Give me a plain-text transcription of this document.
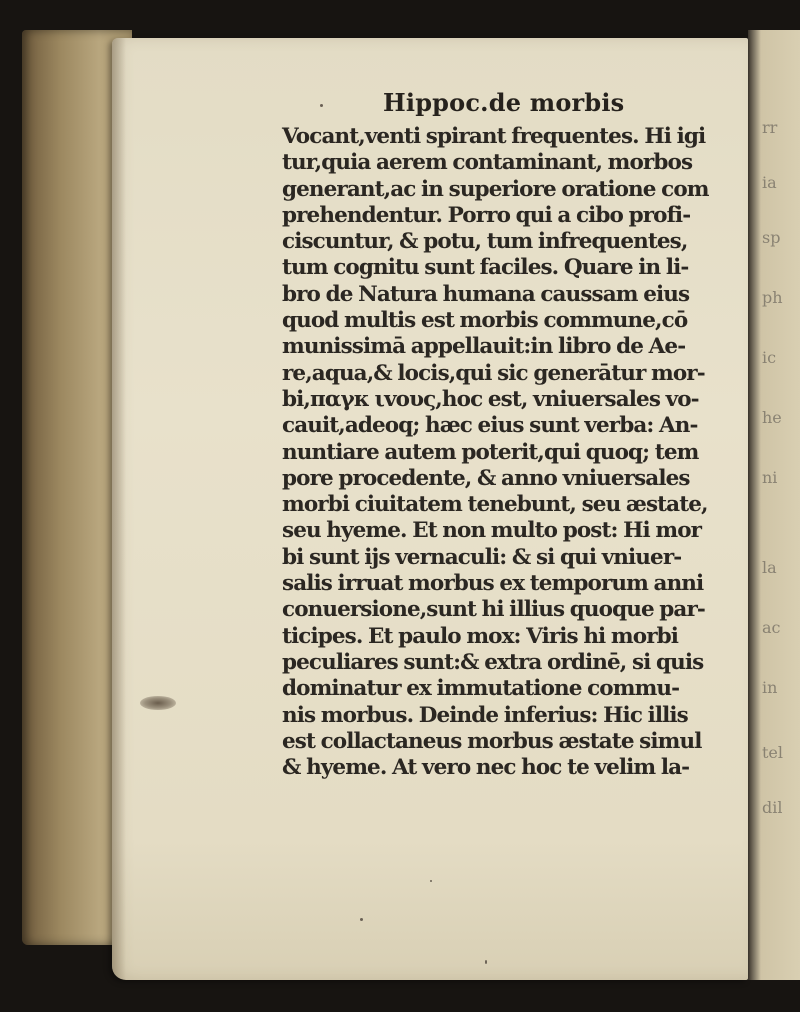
rr
ia
sp
ph
ic
he
ni
la
ac
in
tel
dil
Hippoc.de morbis
Vocant,venti spirant frequentes. Hi igi
tur,quia aerem contaminant, morbos
generant,ac in superiore oratione com
prehendentur. Porro qui a cibo profi‐
ciscuntur, & potu, tum infrequentes,
tum cognitu sunt faciles. Quare in li‐
bro de Natura humana caussam eius
quod multis est morbis commune,cō
munissimā appellauit:in libro de Ae‐
re,aqua,& locis,qui sic generātur mor‐
bi,παγκ ιvους,hoc est, vniuersales vo‐
cauit,adeoq; hæc eius sunt verba: An‐
nuntiare autem poterit,qui quoq; tem
pore procedente, & anno vniuersales
morbi ciuitatem tenebunt, seu æstate,
seu hyeme. Et non multo post: Hi mor
bi sunt ijs vernaculi: & si qui vniuer‐
salis irruat morbus ex temporum anni
conuersione,sunt hi illius quoque par‐
ticipes. Et paulo mox: Viris hi morbi
peculiares sunt:& extra ordinē, si quis
dominatur ex immutatione commu‐
nis morbus. Deinde inferius: Hic illis
est collactaneus morbus æstate simul
& hyeme. At vero nec hoc te velim la‐
